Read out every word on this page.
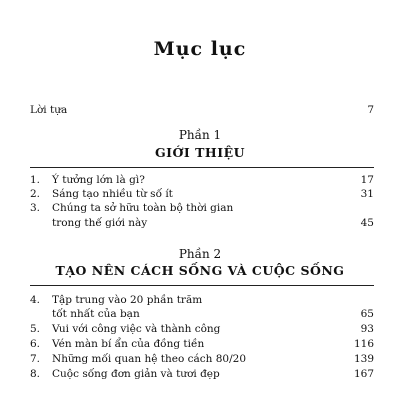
Mục lục
Lời tựa	7
Phần 1
GIỚI THIỆU
1. Ý tưởng lớn là gì?	17
2. Sáng tạo nhiều từ số ít	31
3. Chúng ta sở hữu toàn bộ thời gian
trong thế giới này	45
Phần 2
TẠO NÊN CÁCH SỐNG VÀ CUỘC SỐNG
4. Tập trung vào 20 phần trăm
tốt nhất của bạn	65
5. Vui với công việc và thành công	93
6. Vén màn bí ẩn của đồng tiền	116
7. Những mối quan hệ theo cách 80/20	139
8. Cuộc sống đơn giản và tươi đẹp	167
